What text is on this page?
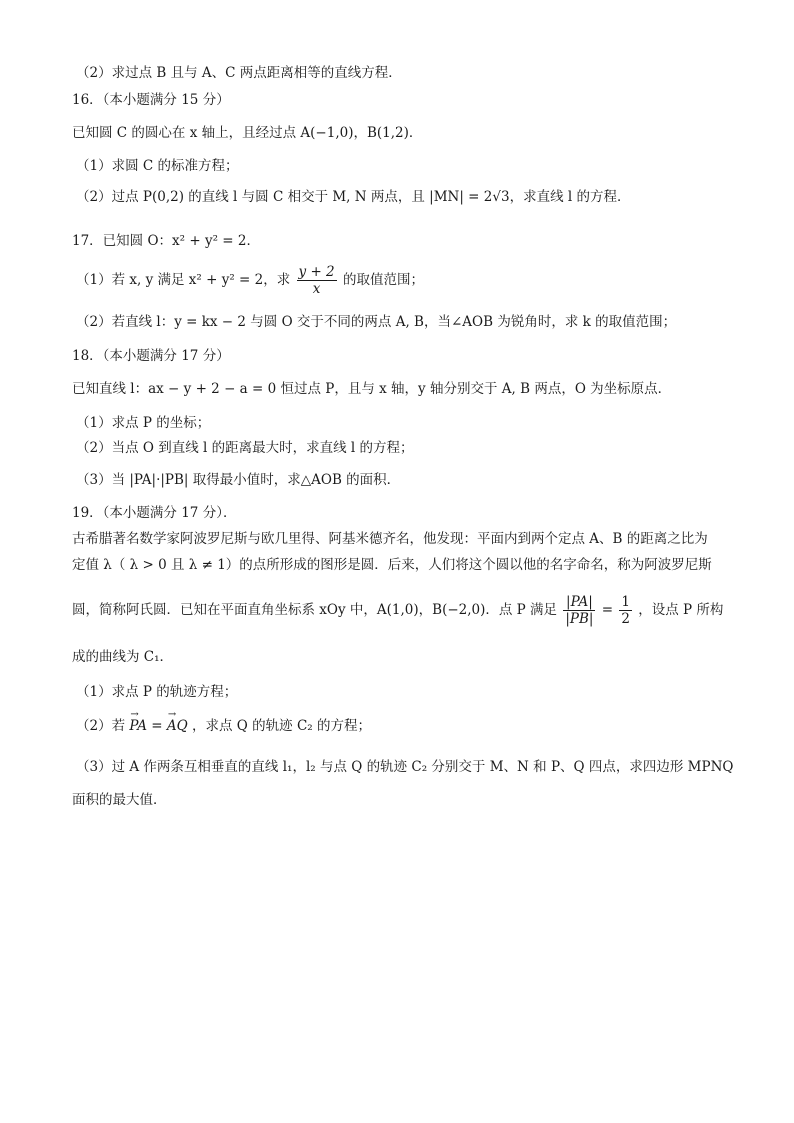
（2）求过点 B 且与 A、C 两点距离相等的直线方程．
16．（本小题满分 15 分）
已知圆 C 的圆心在 x 轴上，且经过点 A(−1,0)，B(1,2)．
（1）求圆 C 的标准方程；
（2）过点 P(0,2) 的直线 l 与圆 C 相交于 M, N 两点，且 |MN| = 2√3，求直线 l 的方程．
17．已知圆 O：x² + y² = 2．
（1）若 x, y 满足 x² + y² = 2，求 $\frac{y + 2}{x}$ 的取值范围；
（2）若直线 l：y = kx − 2 与圆 O 交于不同的两点 A, B，当∠AOB 为锐角时，求 k 的取值范围；
18．（本小题满分 17 分）
已知直线 l：ax − y + 2 − a = 0 恒过点 P，且与 x 轴，y 轴分别交于 A, B 两点，O 为坐标原点．
（1）求点 P 的坐标；
（2）当点 O 到直线 l 的距离最大时，求直线 l 的方程；
（3）当 |PA|·|PB| 取得最小值时，求△AOB 的面积．
19．（本小题满分 17 分）．
古希腊著名数学家阿波罗尼斯与欧几里得、阿基米德齐名，他发现：平面内到两个定点 A、B 的距离之比为
定值 λ（ λ > 0 且 λ ≠ 1）的点所形成的图形是圆．后来，人们将这个圆以他的名字命名，称为阿波罗尼斯
圆，简称阿氏圆．已知在平面直角坐标系 xOy 中，A(1,0)，B(−2,0)．点 P 满足 $\frac{|PA|}{|PB|} = \frac{1}{2}$ ，设点 P 所构
成的曲线为 C₁．
（1）求点 P 的轨迹方程；
（2）若 → PA = → AQ ，求点 Q 的轨迹 C₂ 的方程；
（3）过 A 作两条互相垂直的直线 l₁，l₂ 与点 Q 的轨迹 C₂ 分别交于 M、N 和 P、Q 四点，求四边形 MPNQ
面积的最大值．
